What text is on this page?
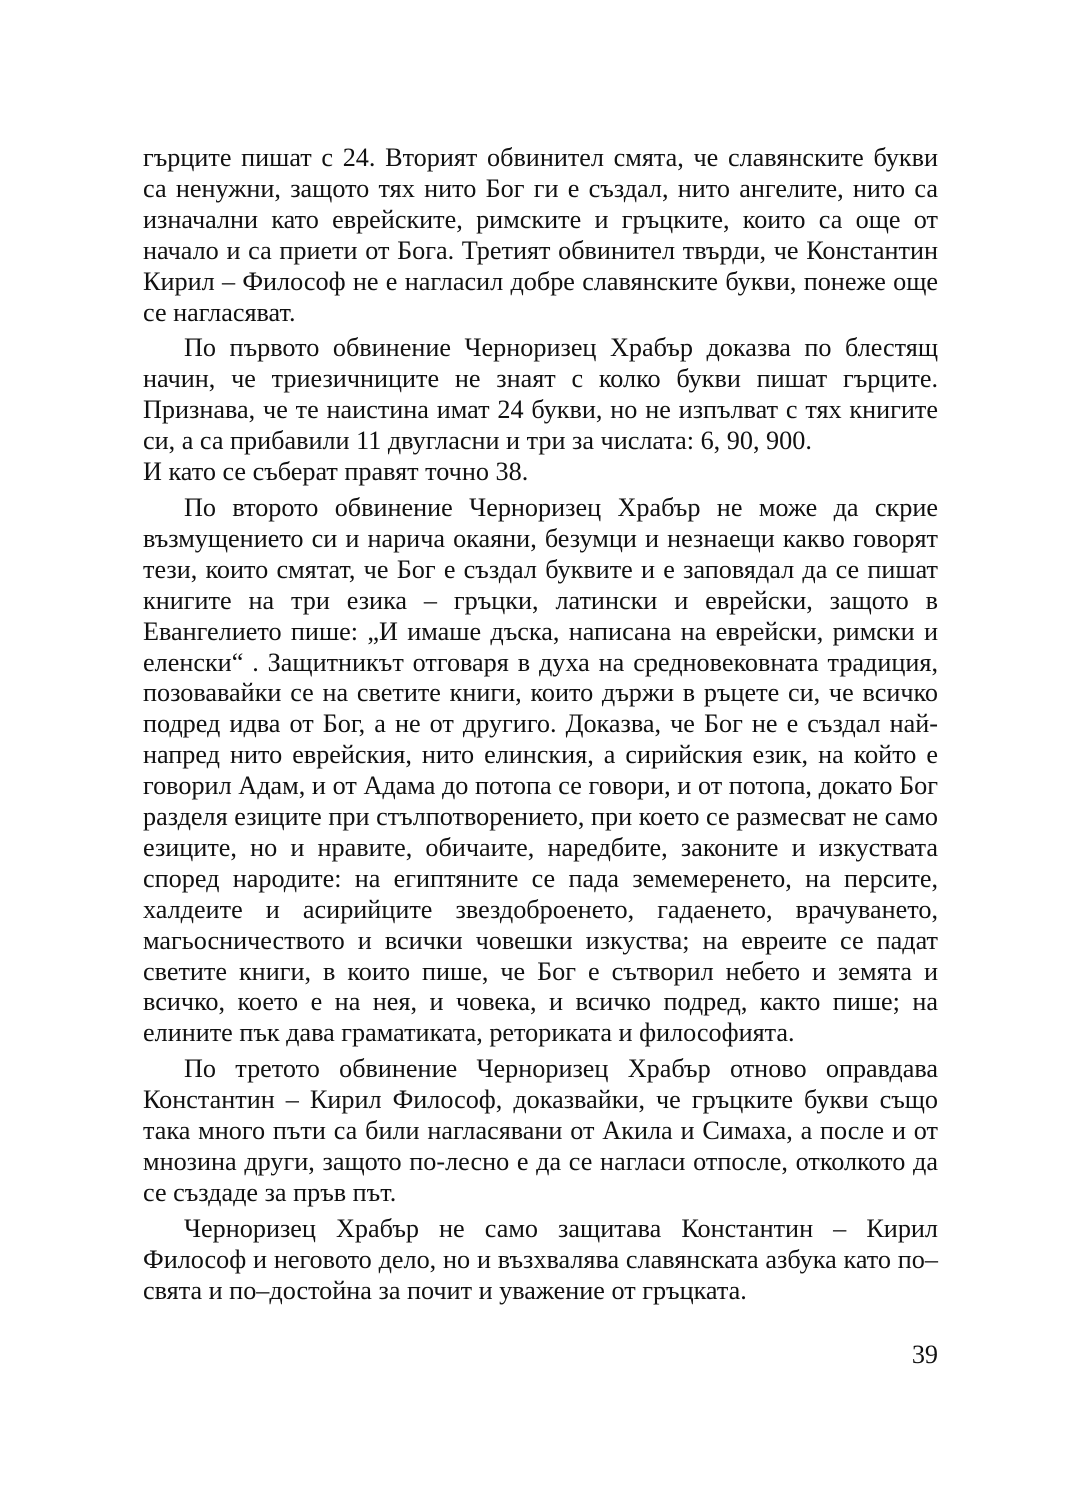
гърците пишат с 24. Вторият обвинител смята, че славянските букви са ненужни, защото тях нито Бог ги е създал, нито ангелите, нито са изначални като еврейските, римските и гръцките, които са още от начало и са приети от Бога. Третият обвинител твърди, че Константин Кирил – Философ не е нагласил добре славянските букви, понеже още се нагласяват.

По първото обвинение Черноризец Храбър доказва по блестящ начин, че триезичниците не знаят с колко букви пишат гърците. Признава, че те наистина имат 24 букви, но не изпълват с тях книгите си, а са прибавили 11 двугласни и три за числата: 6, 90, 900.

И като се съберат правят точно 38.

По второто обвинение Черноризец Храбър не може да скрие възмущението си и нарича окаяни, безумци и незнаещи какво говорят тези, които смятат, че Бог е създал буквите и е заповядал да се пишат книгите на три езика – гръцки, латински и еврейски, защото в Евангелието пише: „И имаше дъска, написана на еврейски, римски и еленски“ . Защитникът отговаря в духа на средновековната традиция, позовавайки се на светите книги, които държи в ръцете си, че всичко подред идва от Бог, а не от другиго. Доказва, че Бог не е създал най-напред нито еврейския, нито елинския, а сирийския език, на който е говорил Адам, и от Адама до потопа се говори, и от потопа, докато Бог разделя езиците при стълпотворението, при което се размесват не само езиците, но и нравите, обичаите, наредбите, законите и изкуствата според народите: на египтяните се пада земемеренето, на персите, халдеите и асирийците звездоброенето, гадаенето, врачуването, магьосничеството и всички човешки изкуства; на евреите се падат светите книги, в които пише, че Бог е сътворил небето и земята и всичко, което е на нея, и човека, и всичко подред, както пише; на елините пък дава граматиката, реториката и философията.

По третото обвинение Черноризец Храбър отново оправдава Константин – Кирил Философ, доказвайки, че гръцките букви също така много пъти са били нагласявани от Акила и Симаха, а после и от мнозина други, защото по-лесно е да се нагласи отпосле, отколкото да се създаде за пръв път.

Черноризец Храбър не само защитава Константин – Кирил Философ и неговото дело, но и възхвалява славянската азбука като по–свята и по–достойна за почит и уважение от гръцката.

39
